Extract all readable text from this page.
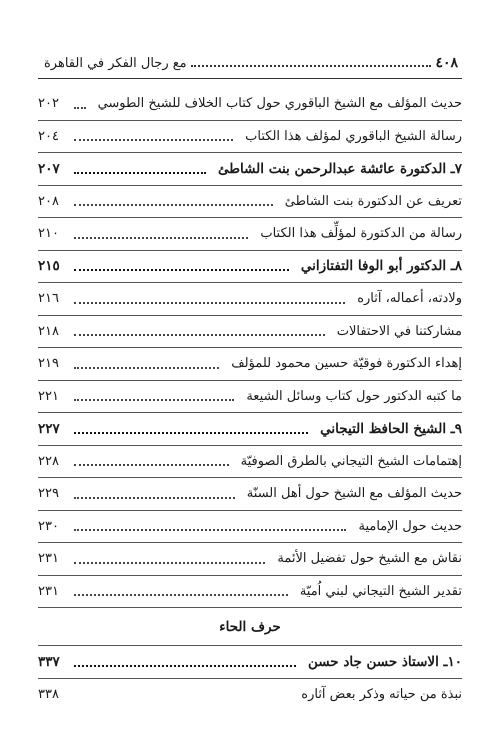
٤٠٨
مع رجال الفكر في القاهرة
حديث المؤلف مع الشيخ الباقوري حول كتاب الخلاف للشيخ الطوسي
٢٠٢
رسالة الشيخ الباقوري لمؤلف هذا الكتاب
٢٠٤
٧ـ الدكتورة عائشة عبدالرحمن بنت الشاطئ
٢٠٧
تعريف عن الدكتورة بنت الشاطئ
٢٠٨
رسالة من الدكتورة لمؤلِّف هذا الكتاب
٢١٠
٨ـ الدكتور أبو الوفا التفتازاني
٢١٥
ولادته، أعماله، آثاره
٢١٦
مشاركتنا في الاحتفالات
٢١٨
إهداء الدكتورة فوقيّة حسين محمود للمؤلف
٢١٩
ما كتبه الدكتور حول كتاب وسائل الشيعة
٢٢١
٩ـ الشيخ الحافظ التيجاني
٢٢٧
إهتمامات الشيخ التيجاني بالطرق الصوفيّة
٢٢٨
حديث المؤلف مع الشيخ حول أهل السنّة
٢٢٩
حديث حول الإمامية
٢٣٠
نقاش مع الشيخ حول تفضيل الأئمة
٢٣١
تقدير الشيخ التيجاني لبني اُميّة
٢٣١
حرف الحاء
١٠ـ الاستاذ حسن جاد حسن
٣٣٧
نبذة من حياته وذكر بعض آثاره
٣٣٨
